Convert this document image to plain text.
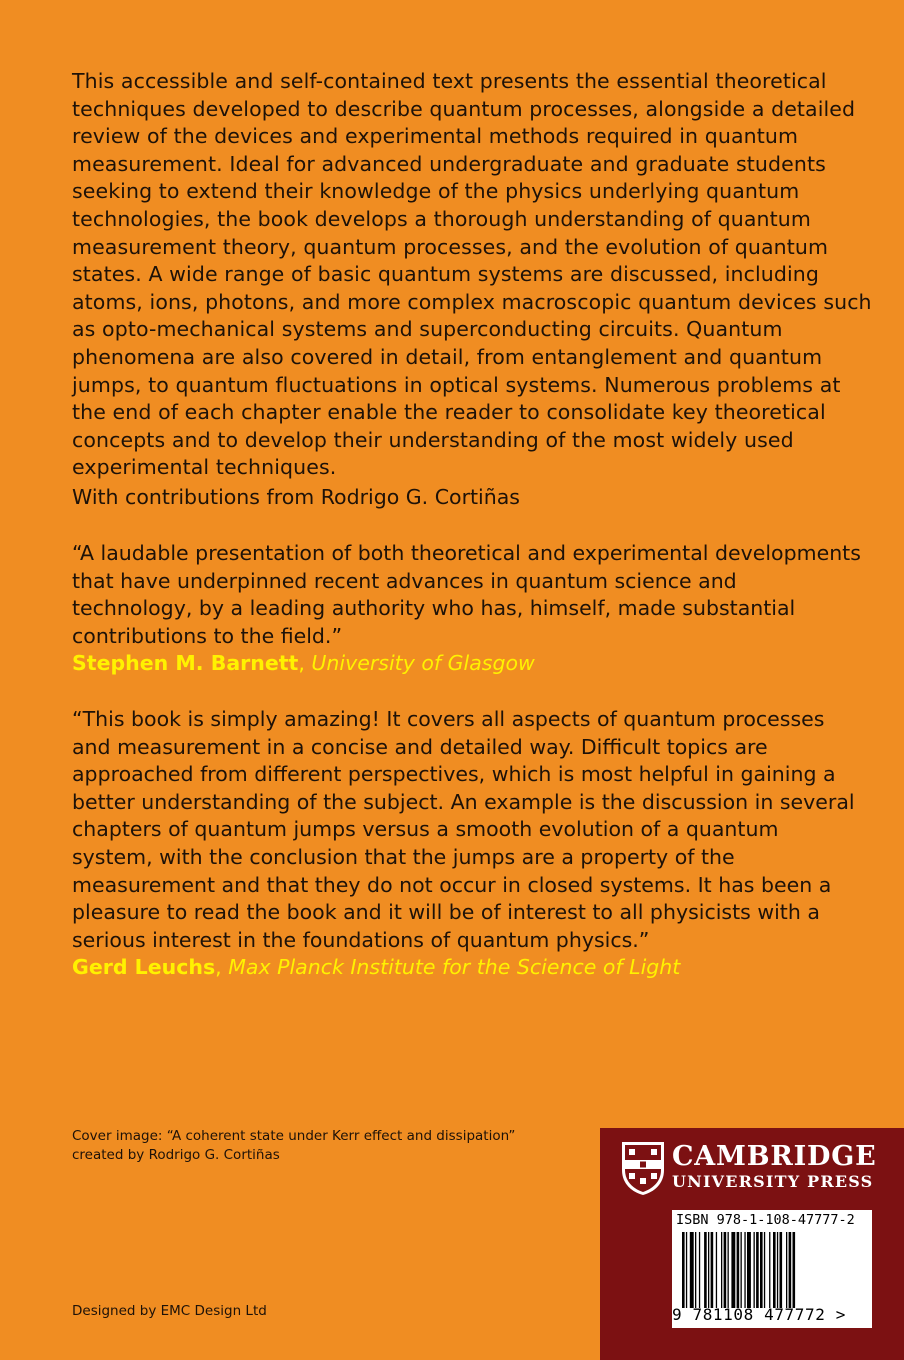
This accessible and self-contained text presents the essential theoretical techniques developed to describe quantum processes, alongside a detailed review of the devices and experimental methods required in quantum measurement. Ideal for advanced undergraduate and graduate students seeking to extend their knowledge of the physics underlying quantum technologies, the book develops a thorough understanding of quantum measurement theory, quantum processes, and the evolution of quantum states. A wide range of basic quantum systems are discussed, including atoms, ions, photons, and more complex macroscopic quantum devices such as opto-mechanical systems and superconducting circuits. Quantum phenomena are also covered in detail, from entanglement and quantum jumps, to quantum fluctuations in optical systems. Numerous problems at the end of each chapter enable the reader to consolidate key theoretical concepts and to develop their understanding of the most widely used experimental techniques.

With contributions from Rodrigo G. Cortiñas

“A laudable presentation of both theoretical and experimental developments that have underpinned recent advances in quantum science and technology, by a leading authority who has, himself, made substantial contributions to the field.”

Stephen M. Barnett, University of Glasgow

“This book is simply amazing! It covers all aspects of quantum processes and measurement in a concise and detailed way. Difficult topics are approached from different perspectives, which is most helpful in gaining a better understanding of the subject. An example is the discussion in several chapters of quantum jumps versus a smooth evolution of a quantum system, with the conclusion that the jumps are a property of the measurement and that they do not occur in closed systems. It has been a pleasure to read the book and it will be of interest to all physicists with a serious interest in the foundations of quantum physics.”

Gerd Leuchs, Max Planck Institute for the Science of Light

Cover image: “A coherent state under Kerr effect and dissipation”
created by Rodrigo G. Cortiñas
Designed by EMC Design Ltd
CAMBRIDGE
UNIVERSITY PRESS
ISBN 978-1-108-47777-2
9 781108 477772 >
